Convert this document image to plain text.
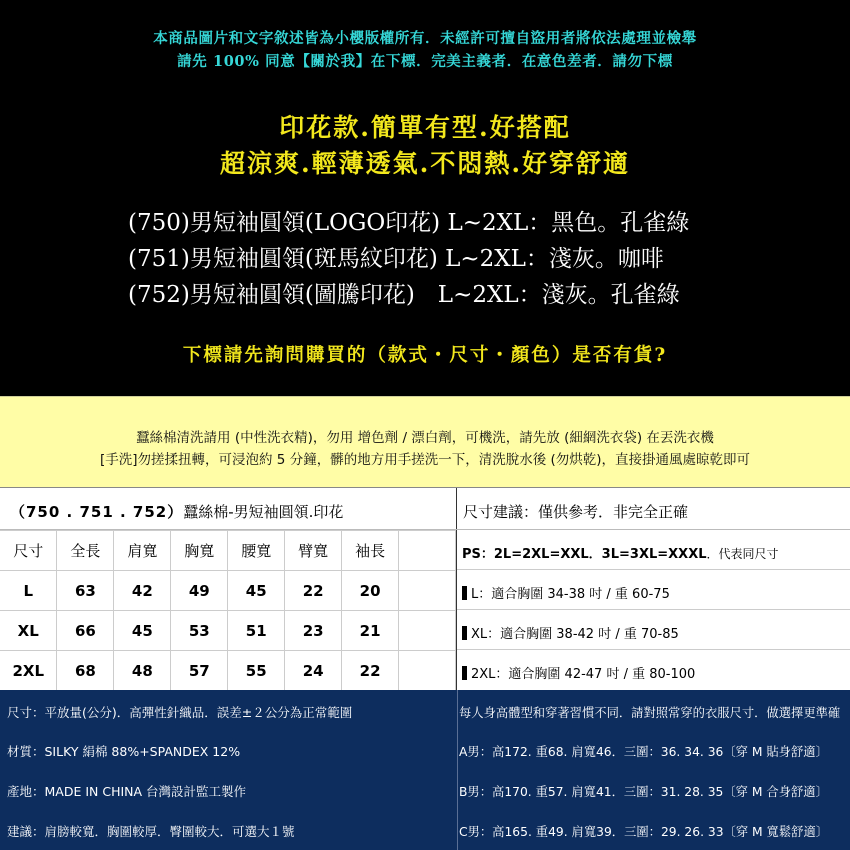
本商品圖片和文字敘述皆為小櫻版權所有．未經許可擅自盜用者將依法處理並檢舉
請先 100% 同意【關於我】在下標．完美主義者．在意色差者．請勿下標
印花款.簡單有型.好搭配
超涼爽.輕薄透氣.不悶熱.好穿舒適
(750)男短袖圓領(LOGO印花) L~2XL：黑色。孔雀綠
(751)男短袖圓領(斑馬紋印花) L~2XL：淺灰。咖啡
(752)男短袖圓領(圖騰印花)　L~2XL：淺灰。孔雀綠
下標請先詢問購買的（款式・尺寸・顏色）是否有貨?
蠶絲棉清洗請用 (中性洗衣精)，勿用 增色劑 / 漂白劑，可機洗，請先放 (細網洗衣袋) 在丟洗衣機
[手洗]勿搓揉扭轉，可浸泡約 5 分鐘，髒的地方用手搓洗一下，清洗脫水後 (勿烘乾)，直接掛通風處晾乾即可
（750 . 751 . 752）蠶絲棉-男短袖圓領.印花
尺寸	全長	肩寬	胸寬	腰寬	臂寬	袖長	
L	63	42	49	45	22	20	
XL	66	45	53	51	23	21	
2XL	68	48	57	55	24	22	
尺寸建議：僅供參考．非完全正確
PS：2L=2XL=XXL．3L=3XL=XXXL．代表同尺寸
L：適合胸圍 34-38 吋 / 重 60-75
XL：適合胸圍 38-42 吋 / 重 70-85
2XL：適合胸圍 42-47 吋 / 重 80-100
尺寸：平放量(公分)．高彈性針織品．誤差±２公分為正常範圍
材質：SILKY 絹棉 88%+SPANDEX 12%
產地：MADE IN CHINA 台灣設計監工製作
建議：肩膀較寬．胸圍較厚．臀圍較大．可選大１號
每人身高體型和穿著習慣不同．請對照常穿的衣服尺寸．做選擇更準確
A男：高172. 重68. 肩寬46．三圍：36. 34. 36〔穿 M 貼身舒適〕
B男：高170. 重57. 肩寬41．三圍：31. 28. 35〔穿 M 合身舒適〕
C男：高165. 重49. 肩寬39．三圍：29. 26. 33〔穿 M 寬鬆舒適〕
